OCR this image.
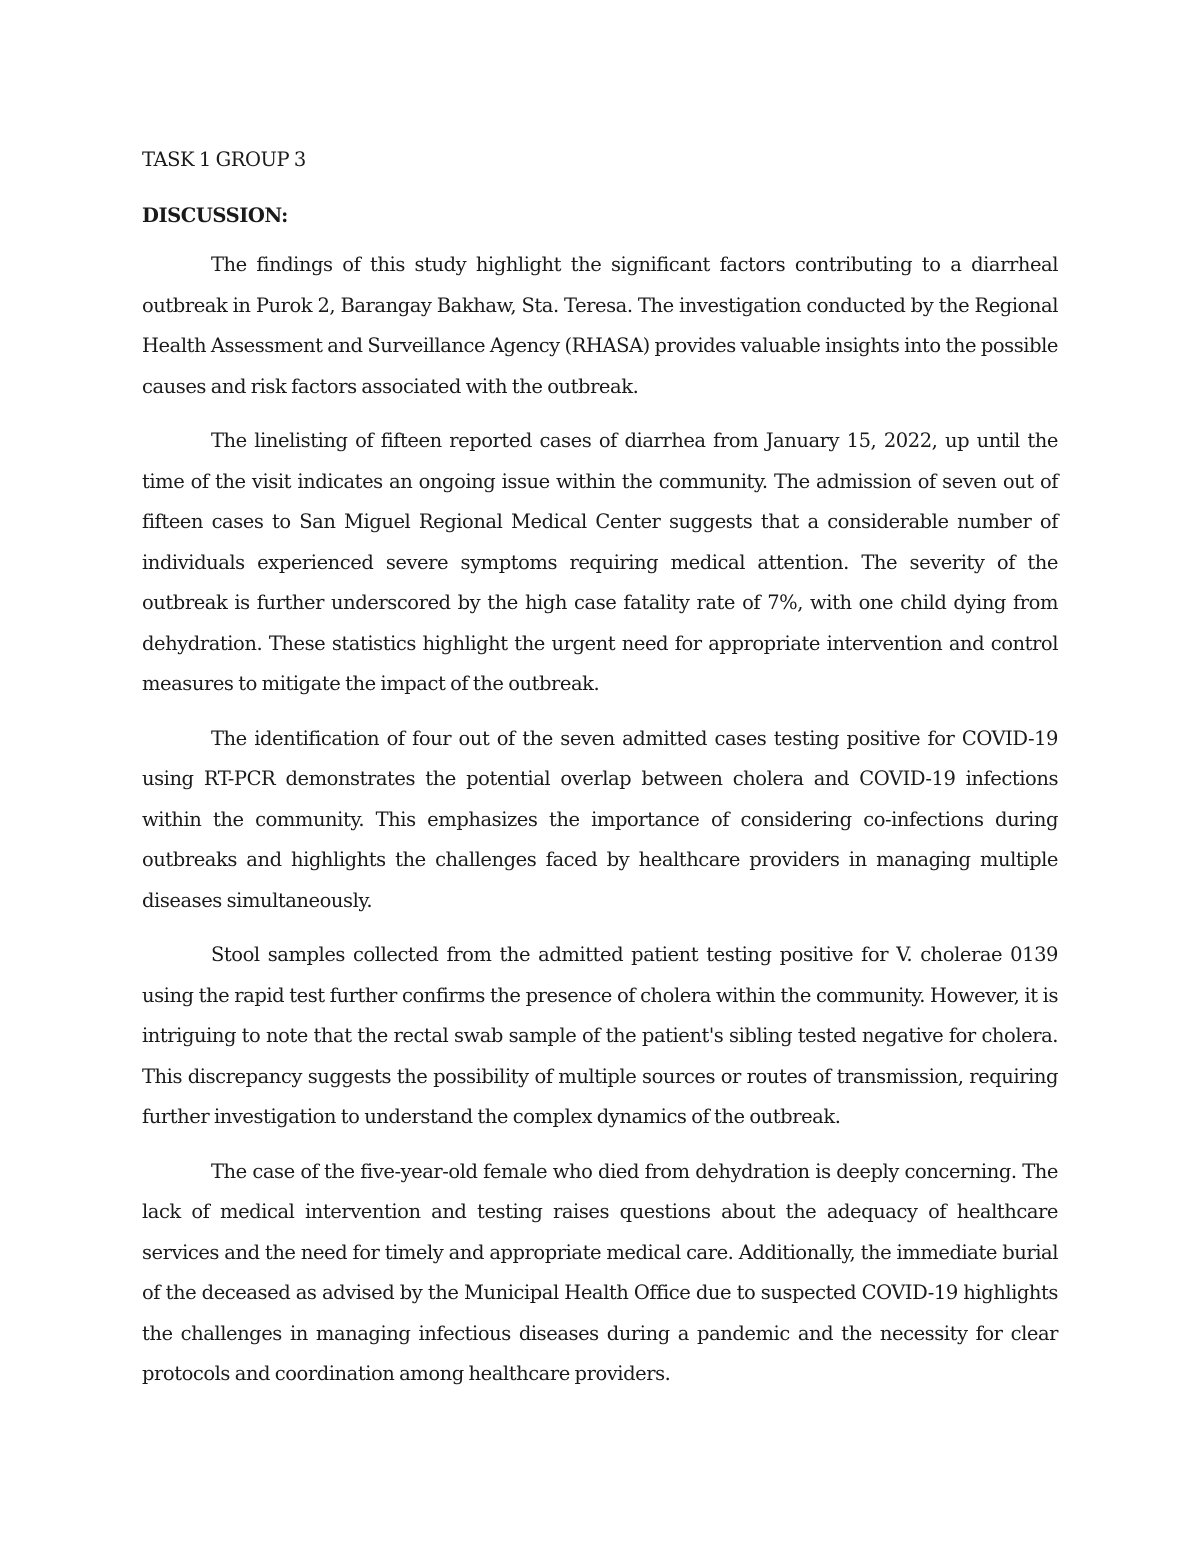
TASK 1 GROUP 3

DISCUSSION:

The findings of this study highlight the significant factors contributing to a diarrheal outbreak in Purok 2, Barangay Bakhaw, Sta. Teresa. The investigation conducted by the Regional Health Assessment and Surveillance Agency (RHASA) provides valuable insights into the possible causes and risk factors associated with the outbreak.

The linelisting of fifteen reported cases of diarrhea from January 15, 2022, up until the time of the visit indicates an ongoing issue within the community. The admission of seven out of fifteen cases to San Miguel Regional Medical Center suggests that a considerable number of individuals experienced severe symptoms requiring medical attention. The severity of the outbreak is further underscored by the high case fatality rate of 7%, with one child dying from dehydration. These statistics highlight the urgent need for appropriate intervention and control measures to mitigate the impact of the outbreak.

The identification of four out of the seven admitted cases testing positive for COVID-19 using RT-PCR demonstrates the potential overlap between cholera and COVID-19 infections within the community. This emphasizes the importance of considering co-infections during outbreaks and highlights the challenges faced by healthcare providers in managing multiple diseases simultaneously.

Stool samples collected from the admitted patient testing positive for V. cholerae 0139 using the rapid test further confirms the presence of cholera within the community. However, it is intriguing to note that the rectal swab sample of the patient's sibling tested negative for cholera. This discrepancy suggests the possibility of multiple sources or routes of transmission, requiring further investigation to understand the complex dynamics of the outbreak.

The case of the five-year-old female who died from dehydration is deeply concerning. The lack of medical intervention and testing raises questions about the adequacy of healthcare services and the need for timely and appropriate medical care. Additionally, the immediate burial of the deceased as advised by the Municipal Health Office due to suspected COVID-19 highlights the challenges in managing infectious diseases during a pandemic and the necessity for clear protocols and coordination among healthcare providers.
